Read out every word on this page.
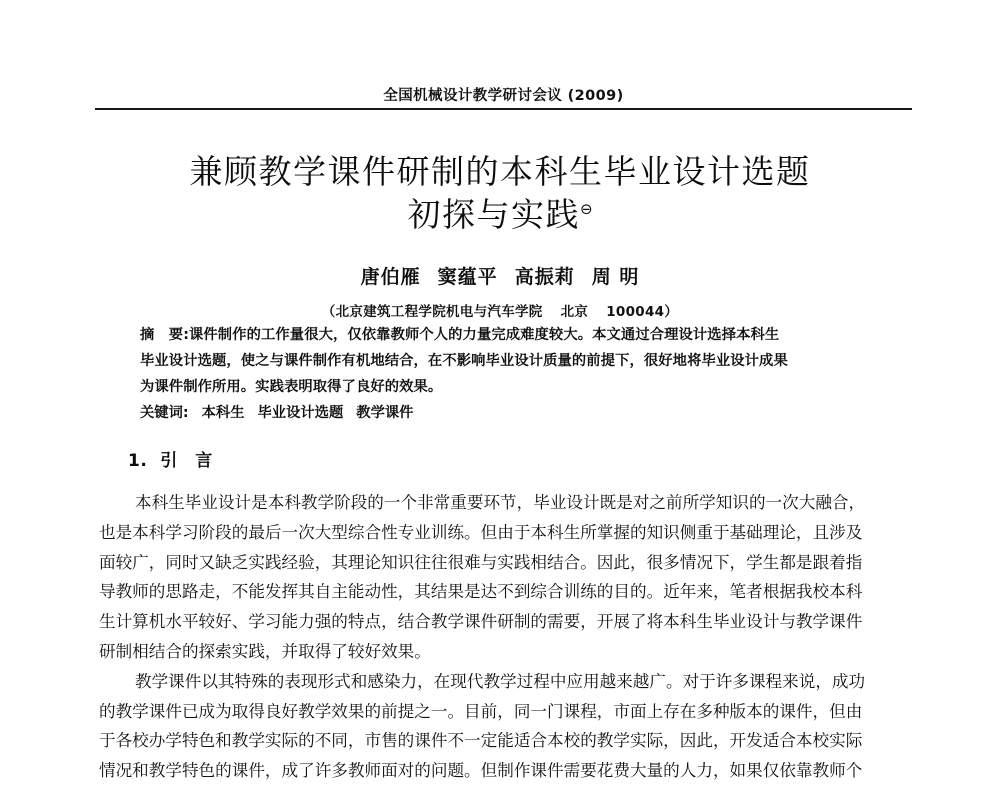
全国机械设计教学研讨会议 (2009)
兼顾教学课件研制的本科生毕业设计选题

初探与实践⊖
唐伯雁 窦蕴平 高振莉 周 明
（北京建筑工程学院机电与汽车学院 北京 100044）
摘　要:课件制作的工作量很大，仅依靠教师个人的力量完成难度较大。本文通过合理设计选择本科生
毕业设计选题，使之与课件制作有机地结合，在不影响毕业设计质量的前提下，很好地将毕业设计成果
为课件制作所用。实践表明取得了良好的效果。
关键词: 本科生 毕业设计选题 教学课件
1. 引　言
本科生毕业设计是本科教学阶段的一个非常重要环节，毕业设计既是对之前所学知识的一次大融合，
也是本科学习阶段的最后一次大型综合性专业训练。但由于本科生所掌握的知识侧重于基础理论，且涉及
面较广，同时又缺乏实践经验，其理论知识往往很难与实践相结合。因此，很多情况下，学生都是跟着指
导教师的思路走，不能发挥其自主能动性，其结果是达不到综合训练的目的。近年来，笔者根据我校本科
生计算机水平较好、学习能力强的特点，结合教学课件研制的需要，开展了将本科生毕业设计与教学课件
研制相结合的探索实践，并取得了较好效果。
教学课件以其特殊的表现形式和感染力，在现代教学过程中应用越来越广。对于许多课程来说，成功
的教学课件已成为取得良好教学效果的前提之一。目前，同一门课程，市面上存在多种版本的课件，但由
于各校办学特色和教学实际的不同，市售的课件不一定能适合本校的教学实际，因此，开发适合本校实际
情况和教学特色的课件，成了许多教师面对的问题。但制作课件需要花费大量的人力，如果仅依靠教师个
